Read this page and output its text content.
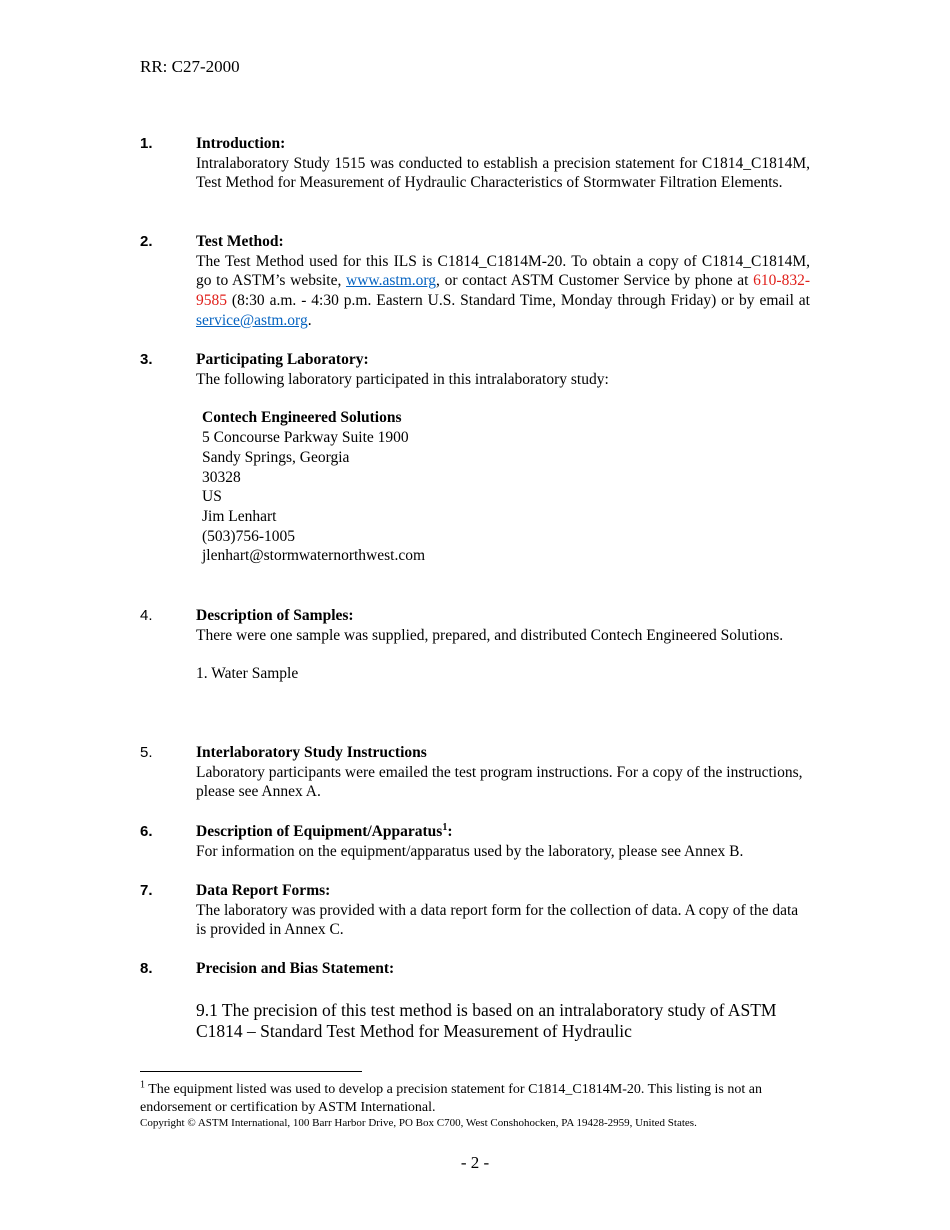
RR: C27-2000
1.	Introduction:
Intralaboratory Study 1515 was conducted to establish a precision statement for C1814_C1814M, Test Method for Measurement of Hydraulic Characteristics of Stormwater Filtration Elements.
2.	Test Method:
The Test Method used for this ILS is C1814_C1814M-20. To obtain a copy of C1814_C1814M, go to ASTM’s website, www.astm.org, or contact ASTM Customer Service by phone at 610-832-9585 (8:30 a.m. - 4:30 p.m. Eastern U.S. Standard Time, Monday through Friday) or by email at service@astm.org.
3.	Participating Laboratory:
The following laboratory participated in this intralaboratory study:
Contech Engineered Solutions
5 Concourse Parkway Suite 1900
Sandy Springs, Georgia
30328
US
Jim Lenhart
(503)756-1005
jlenhart@stormwaternorthwest.com
4.	Description of Samples:
There were one sample was supplied, prepared, and distributed Contech Engineered Solutions.
1. Water Sample
5.	Interlaboratory Study Instructions
Laboratory participants were emailed the test program instructions. For a copy of the instructions, please see Annex A.
6.	Description of Equipment/Apparatus$^1$:
For information on the equipment/apparatus used by the laboratory, please see Annex B.
7.	Data Report Forms:
The laboratory was provided with a data report form for the collection of data. A copy of the data is provided in Annex C.
8.	Precision and Bias Statement:
9.1 The precision of this test method is based on an intralaboratory study of ASTM C1814 – Standard Test Method for Measurement of Hydraulic
$^1$ The equipment listed was used to develop a precision statement for C1814_C1814M-20. This listing is not an endorsement or certification by ASTM International.
Copyright © ASTM International, 100 Barr Harbor Drive, PO Box C700, West Conshohocken, PA 19428-2959, United States.
- 2 -
